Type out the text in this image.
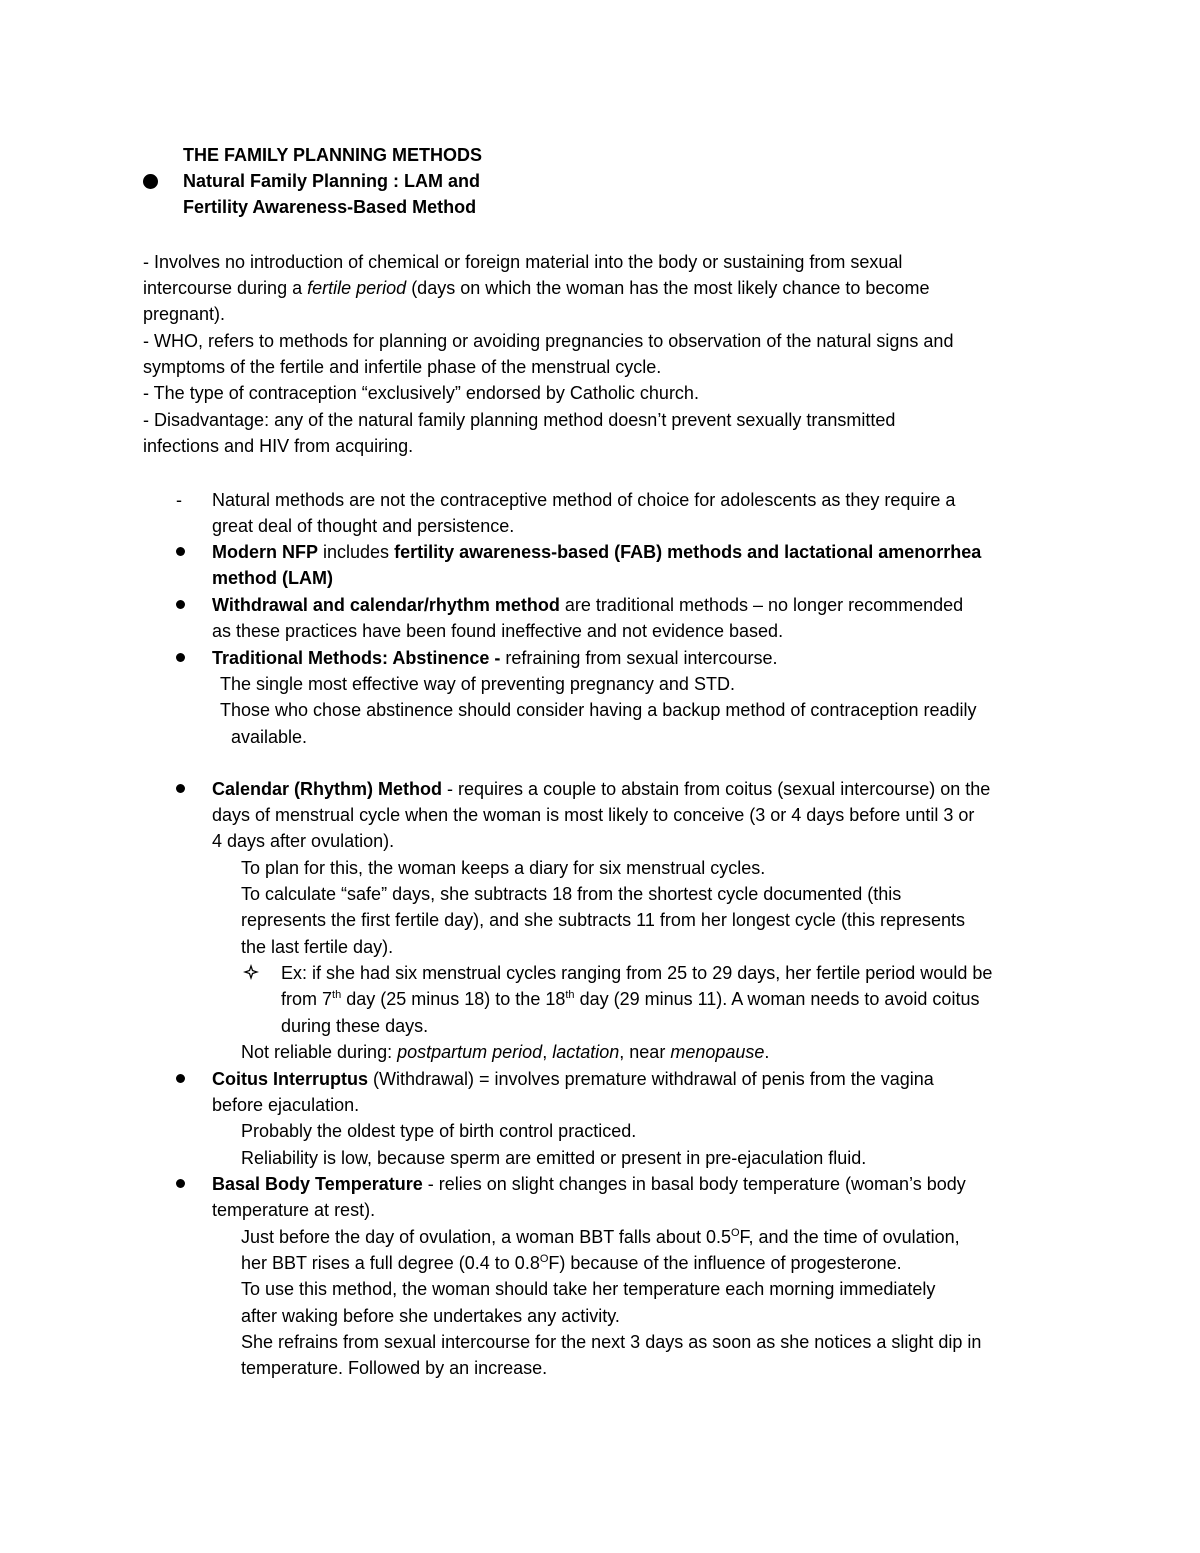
THE FAMILY PLANNING METHODS
Natural Family Planning : LAM and
Fertility Awareness-Based Method
- Involves no introduction of chemical or foreign material into the body or sustaining from sexual
intercourse during a fertile period (days on which the woman has the most likely chance to become
pregnant).
- WHO, refers to methods for planning or avoiding pregnancies to observation of the natural signs and
symptoms of the fertile and infertile phase of the menstrual cycle.
- The type of contraception “exclusively” endorsed by Catholic church.
- Disadvantage: any of the natural family planning method doesn’t prevent sexually transmitted
infections and HIV from acquiring.
- Natural methods are not the contraceptive method of choice for adolescents as they require a
great deal of thought and persistence.
Modern NFP includes fertility awareness-based (FAB) methods and lactational amenorrhea
method (LAM)
Withdrawal and calendar/rhythm method are traditional methods – no longer recommended
as these practices have been found ineffective and not evidence based.
Traditional Methods: Abstinence - refraining from sexual intercourse.
The single most effective way of preventing pregnancy and STD.
Those who chose abstinence should consider having a backup method of contraception readily
available.
Calendar (Rhythm) Method - requires a couple to abstain from coitus (sexual intercourse) on the
days of menstrual cycle when the woman is most likely to conceive (3 or 4 days before until 3 or
4 days after ovulation).
To plan for this, the woman keeps a diary for six menstrual cycles.
To calculate “safe” days, she subtracts 18 from the shortest cycle documented (this
represents the first fertile day), and she subtracts 11 from her longest cycle (this represents
the last fertile day).
Ex: if she had six menstrual cycles ranging from 25 to 29 days, her fertile period would be
from 7th day (25 minus 18) to the 18th day (29 minus 11). A woman needs to avoid coitus
during these days.
Not reliable during: postpartum period, lactation, near menopause.
Coitus Interruptus (Withdrawal) = involves premature withdrawal of penis from the vagina
before ejaculation.
Probably the oldest type of birth control practiced.
Reliability is low, because sperm are emitted or present in pre-ejaculation fluid.
Basal Body Temperature - relies on slight changes in basal body temperature (woman’s body
temperature at rest).
Just before the day of ovulation, a woman BBT falls about $0.5^OF$, and the time of ovulation,
her BBT rises a full degree (0.4 to $0.8^OF$) because of the influence of progesterone.
To use this method, the woman should take her temperature each morning immediately
after waking before she undertakes any activity.
She refrains from sexual intercourse for the next 3 days as soon as she notices a slight dip in
temperature. Followed by an increase.
